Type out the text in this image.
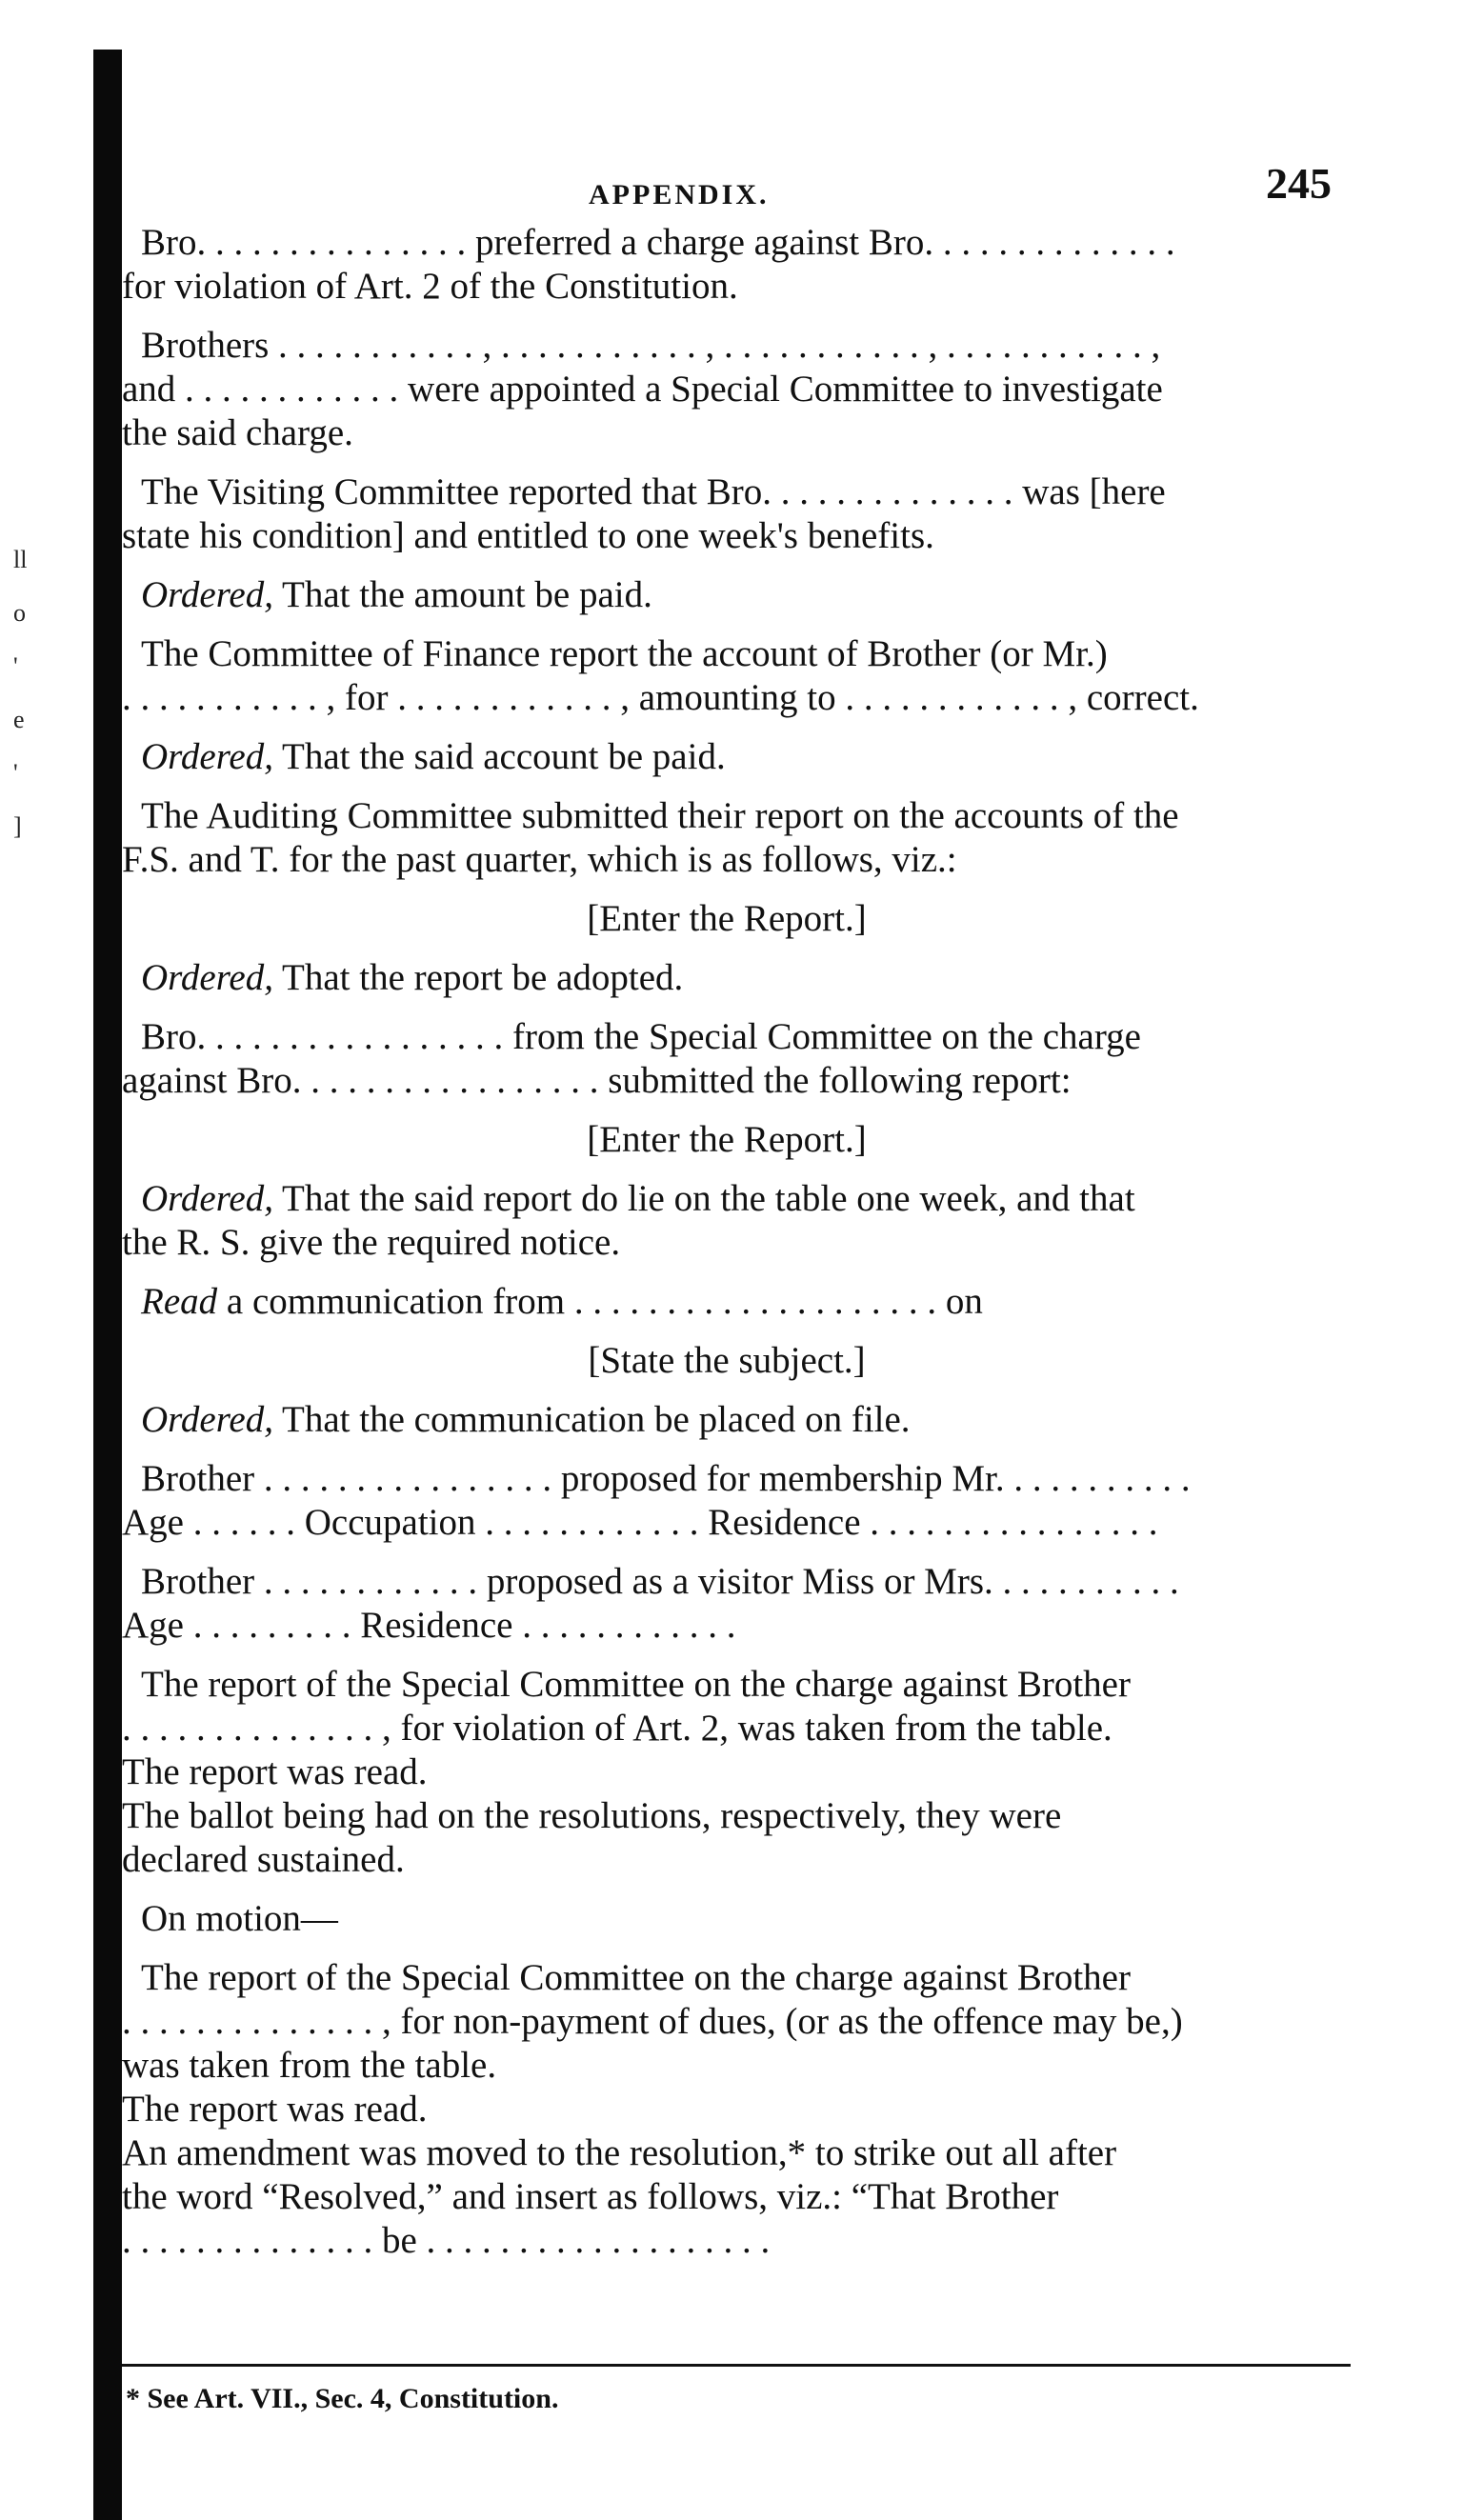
ll
o
'
e
'
]
APPENDIX.	245
Bro. . . . . . . . . . . . . . . preferred a charge against Bro. . . . . . . . . . . . . .
for violation of Art. 2 of the Constitution.
Brothers . . . . . . . . . . . , . . . . . . . . . . . , . . . . . . . . . . . , . . . . . . . . . . . ,
and . . . . . . . . . . . . were appointed a Special Committee to investigate
the said charge.
The Visiting Committee reported that Bro. . . . . . . . . . . . . . was [here
state his condition] and entitled to one week's benefits.
Ordered, That the amount be paid.
The Committee of Finance report the account of Brother (or Mr.)
. . . . . . . . . . . , for . . . . . . . . . . . . , amounting to . . . . . . . . . . . . , correct.
Ordered, That the said account be paid.
The Auditing Committee submitted their report on the accounts of the
F.S. and T. for the past quarter, which is as follows, viz.:
[Enter the Report.]
Ordered, That the report be adopted.
Bro. . . . . . . . . . . . . . . . . from the Special Committee on the charge
against Bro. . . . . . . . . . . . . . . . . submitted the following report:
[Enter the Report.]
Ordered, That the said report do lie on the table one week, and that
the R. S. give the required notice.
Read a communication from . . . . . . . . . . . . . . . . . . . . on
[State the subject.]
Ordered, That the communication be placed on file.
Brother . . . . . . . . . . . . . . . . proposed for membership Mr. . . . . . . . . . .
Age . . . . . . Occupation . . . . . . . . . . . . Residence . . . . . . . . . . . . . . . .
Brother . . . . . . . . . . . . proposed as a visitor Miss or Mrs. . . . . . . . . . .
Age . . . . . . . . . Residence . . . . . . . . . . . .
The report of the Special Committee on the charge against Brother
. . . . . . . . . . . . . . , for violation of Art. 2, was taken from the table.
The report was read.
The ballot being had on the resolutions, respectively, they were
declared sustained.
On motion—
The report of the Special Committee on the charge against Brother
. . . . . . . . . . . . . . , for non-payment of dues, (or as the offence may be,)
was taken from the table.
The report was read.
An amendment was moved to the resolution,* to strike out all after
the word “Resolved,” and insert as follows, viz.: “That Brother
. . . . . . . . . . . . . . be . . . . . . . . . . . . . . . . . . .
* See Art. VII., Sec. 4, Constitution.
